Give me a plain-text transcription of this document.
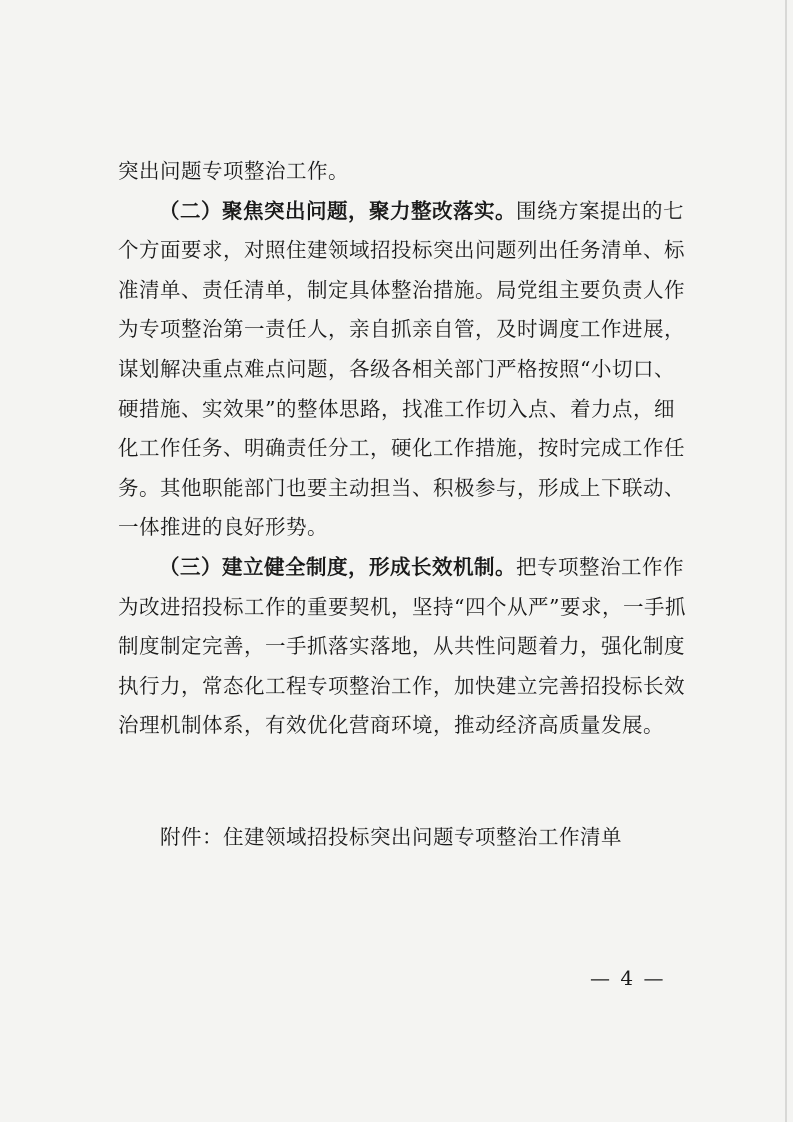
突出问题专项整治工作。

（二）聚焦突出问题，聚力整改落实。围绕方案提出的七个方面要求，对照住建领域招投标突出问题列出任务清单、标准清单、责任清单，制定具体整治措施。局党组主要负责人作为专项整治第一责任人，亲自抓亲自管，及时调度工作进展，谋划解决重点难点问题，各级各相关部门严格按照“小切口、硬措施、实效果”的整体思路，找准工作切入点、着力点，细化工作任务、明确责任分工，硬化工作措施，按时完成工作任务。其他职能部门也要主动担当、积极参与，形成上下联动、一体推进的良好形势。

（三）建立健全制度，形成长效机制。把专项整治工作作为改进招投标工作的重要契机，坚持“四个从严”要求，一手抓制度制定完善，一手抓落实落地，从共性问题着力，强化制度执行力，常态化工程专项整治工作，加快建立完善招投标长效治理机制体系，有效优化营商环境，推动经济高质量发展。

附件：住建领域招投标突出问题专项整治工作清单
— 4 —
